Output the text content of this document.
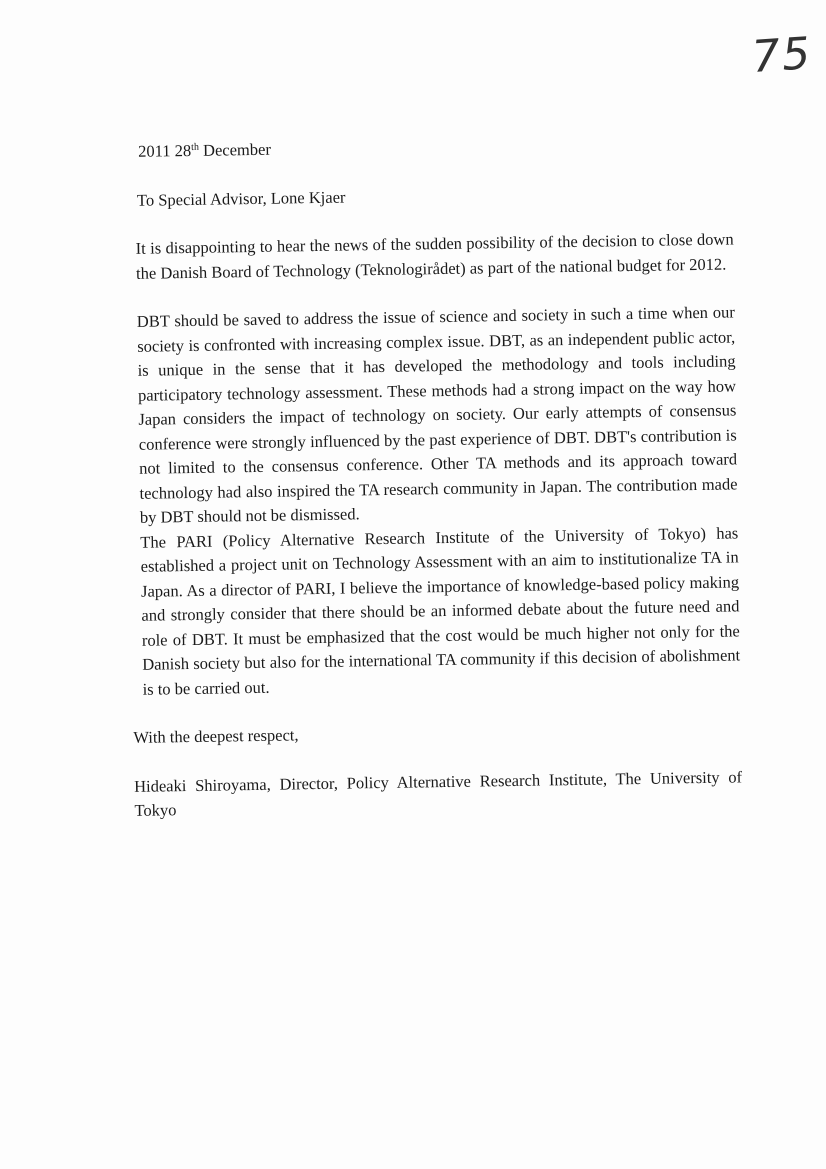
75

2011 28th December

To Special Advisor, Lone Kjaer

It is disappointing to hear the news of the sudden possibility of the decision to close down the Danish Board of Technology (Teknologirådet) as part of the national budget for 2012.

DBT should be saved to address the issue of science and society in such a time when our society is confronted with increasing complex issue. DBT, as an independent public actor, is unique in the sense that it has developed the methodology and tools including participatory technology assessment. These methods had a strong impact on the way how Japan considers the impact of technology on society. Our early attempts of consensus conference were strongly influenced by the past experience of DBT. DBT's contribution is not limited to the consensus conference. Other TA methods and its approach toward technology had also inspired the TA research community in Japan. The contribution made by DBT should not be dismissed.

The PARI (Policy Alternative Research Institute of the University of Tokyo) has established a project unit on Technology Assessment with an aim to institutionalize TA in Japan. As a director of PARI, I believe the importance of knowledge-based policy making and strongly consider that there should be an informed debate about the future need and role of DBT. It must be emphasized that the cost would be much higher not only for the Danish society but also for the international TA community if this decision of abolishment is to be carried out.

With the deepest respect,

Hideaki Shiroyama, Director, Policy Alternative Research Institute, The University of Tokyo
